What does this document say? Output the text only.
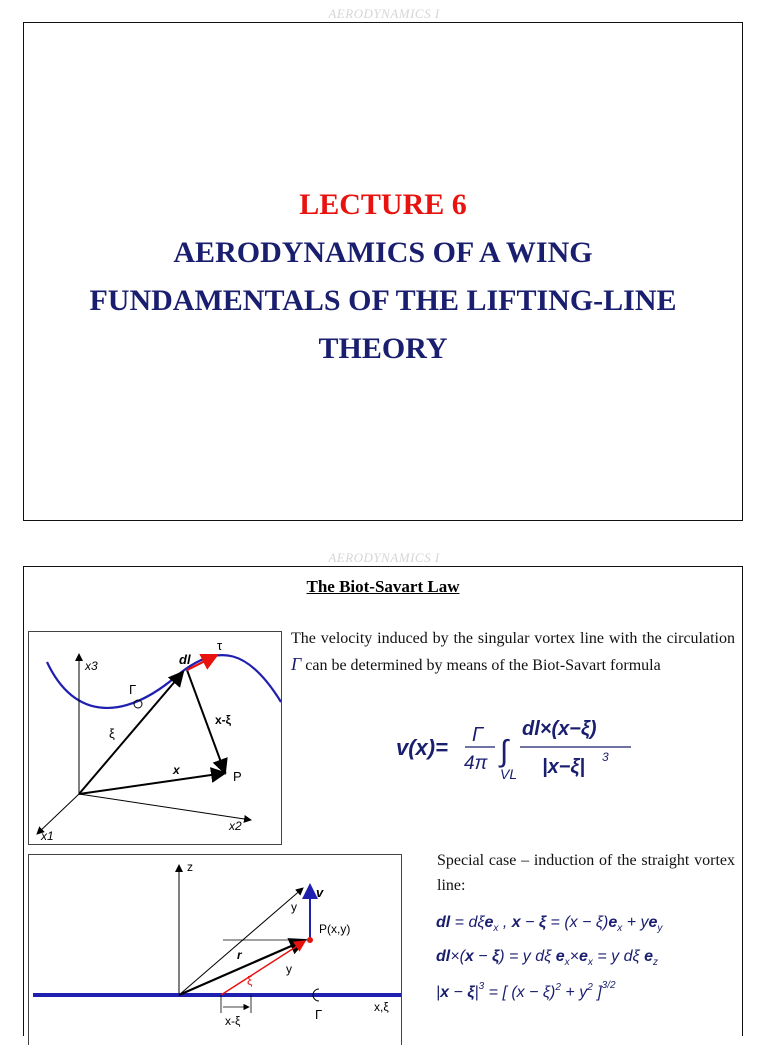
AERODYNAMICS I
AERODYNAMICS I
LECTURE 6
AERODYNAMICS OF A WING
FUNDAMENTALS OF THE LIFTING-LINE
THEORY
The Biot-Savart Law
x3
x1
x2
dl
τ
Γ
ξ
x
x-ξ
P
The velocity induced by the singular vortex line with the circulation Γ can be determined by means of the Biot-Savart formula
v(x)= Γ
4π ∫
VL
dl×(x−ξ)
|x−ξ| 3
z
y
v
P(x,y)
r
ξ
y
x-ξ	Γ	x,ξ
Special case – induction of the straight vortex line:
dl = dξe$_x$ , $x - \xi = (x - \xi)e_x + ye_y$
dl×(x − ξ) = y dξ $e_x\times e_x = y$ dξ $e_z$
$|x - \xi|^3$ = [ $(x - \xi)^2 + y^2$ ]$^{3/2}$
